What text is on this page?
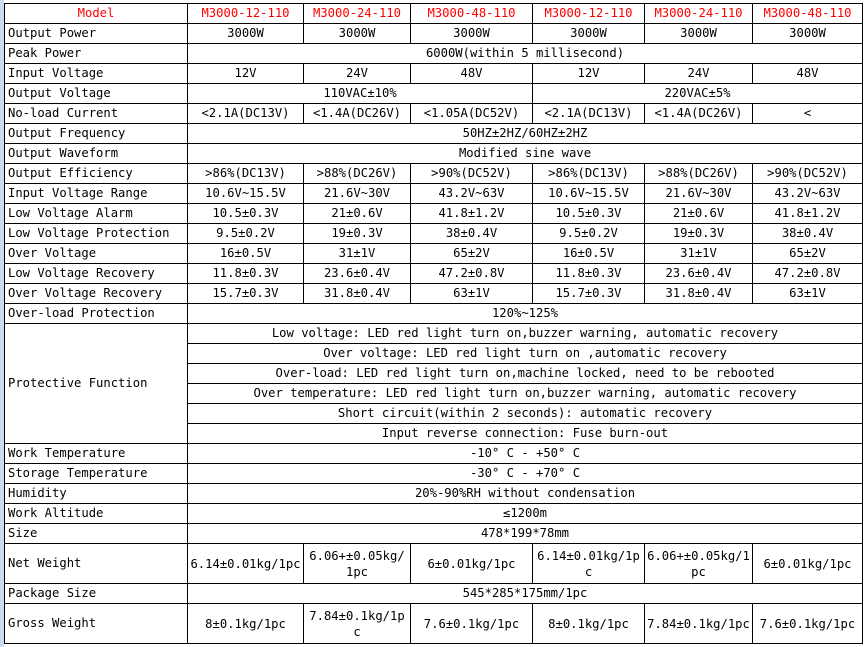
Model	M3000-12-110	M3000-24-110	M3000-48-110	M3000-12-110	M3000-24-110	M3000-48-110
Output Power	3000W	3000W	3000W	3000W	3000W	3000W
Peak Power	6000W(within 5 millisecond)					
Input Voltage	12V	24V	48V	12V	24V	48V
Output Voltage	110VAC±10%			220VAC±5%		
No-load Current	<2.1A(DC13V)	<1.4A(DC26V)	<1.05A(DC52V)	<2.1A(DC13V)	<1.4A(DC26V)	<
Output Frequency	50HZ±2HZ/60HZ±2HZ					
Output Waveform	Modified sine wave					
Output Efficiency	>86%(DC13V)	>88%(DC26V)	>90%(DC52V)	>86%(DC13V)	>88%(DC26V)	>90%(DC52V)
Input Voltage Range	10.6V~15.5V	21.6V~30V	43.2V~63V	10.6V~15.5V	21.6V~30V	43.2V~63V
Low Voltage Alarm	10.5±0.3V	21±0.6V	41.8±1.2V	10.5±0.3V	21±0.6V	41.8±1.2V
Low Voltage Protection	9.5±0.2V	19±0.3V	38±0.4V	9.5±0.2V	19±0.3V	38±0.4V
Over Voltage	16±0.5V	31±1V	65±2V	16±0.5V	31±1V	65±2V
Low Voltage Recovery	11.8±0.3V	23.6±0.4V	47.2±0.8V	11.8±0.3V	23.6±0.4V	47.2±0.8V
Over Voltage Recovery	15.7±0.3V	31.8±0.4V	63±1V	15.7±0.3V	31.8±0.4V	63±1V
Over-load Protection	120%~125%					
Protective Function	Low voltage: LED red light turn on,buzzer warning, automatic recovery					
	Over voltage: LED red light turn on ,automatic recovery					
	Over-load: LED red light turn on,machine locked, need to be rebooted					
	Over temperature: LED red light turn on,buzzer warning, automatic recovery					
	Short circuit(within 2 seconds): automatic recovery					
	Input reverse connection: Fuse burn-out					
Work Temperature	-10° C - +50° C					
Storage Temperature	-30° C - +70° C					
Humidity	20%-90%RH without condensation					
Work Altitude	≤1200m					
Size	478*199*78mm					
Net Weight	6.14±0.01kg/1pc	6.06+±0.05kg/1pc	6±0.01kg/1pc	6.14±0.01kg/1pc	6.06+±0.05kg/1pc	6±0.01kg/1pc
Package Size	545*285*175mm/1pc					
Gross Weight	8±0.1kg/1pc	7.84±0.1kg/1pc	7.6±0.1kg/1pc	8±0.1kg/1pc	7.84±0.1kg/1pc	7.6±0.1kg/1pc
